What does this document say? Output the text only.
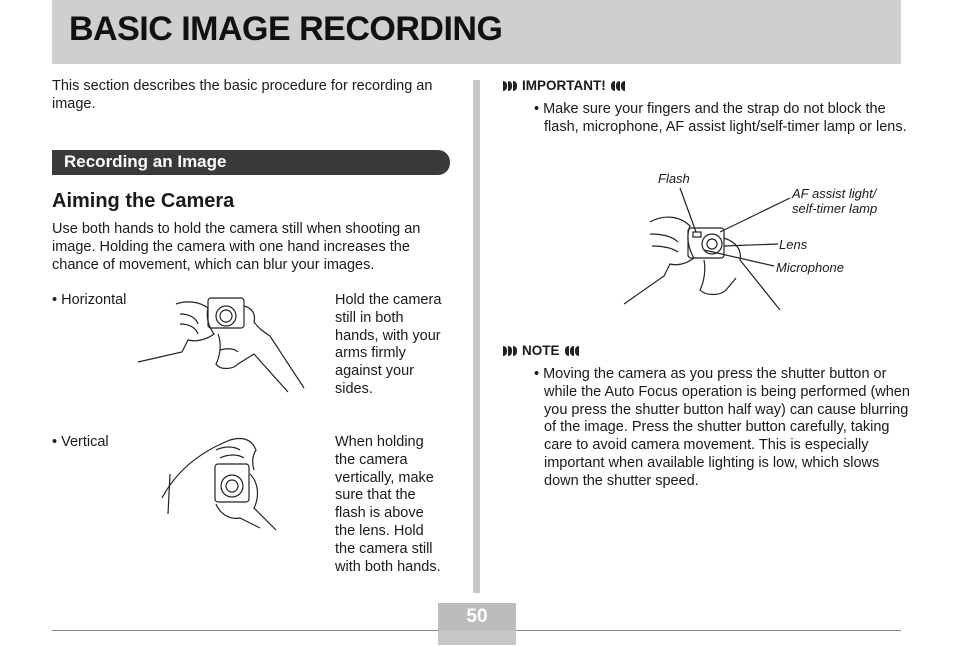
BASIC IMAGE RECORDING

This section describes the basic procedure for recording an image.

Recording an Image
Aiming the Camera

Use both hands to hold the camera still when shooting an image. Holding the camera with one hand increases the chance of movement, which can blur your images.

• Horizontal	Hold the camera still in both hands, with your arms firmly against your sides.

• Vertical	When holding the camera vertically, make sure that the flash is above the lens. Hold the camera still with both hands.

IMPORTANT!

• Make sure your fingers and the strap do not block the flash, microphone, AF assist light/self-timer lamp or lens.

Flash
AF assist light/
self-timer lamp
Lens
Microphone
NOTE

• Moving the camera as you press the shutter button or while the Auto Focus operation is being performed (when you press the shutter button half way) can cause blurring of the image. Press the shutter button carefully, taking care to avoid camera movement. This is especially important when available lighting is low, which slows down the shutter speed.

50
